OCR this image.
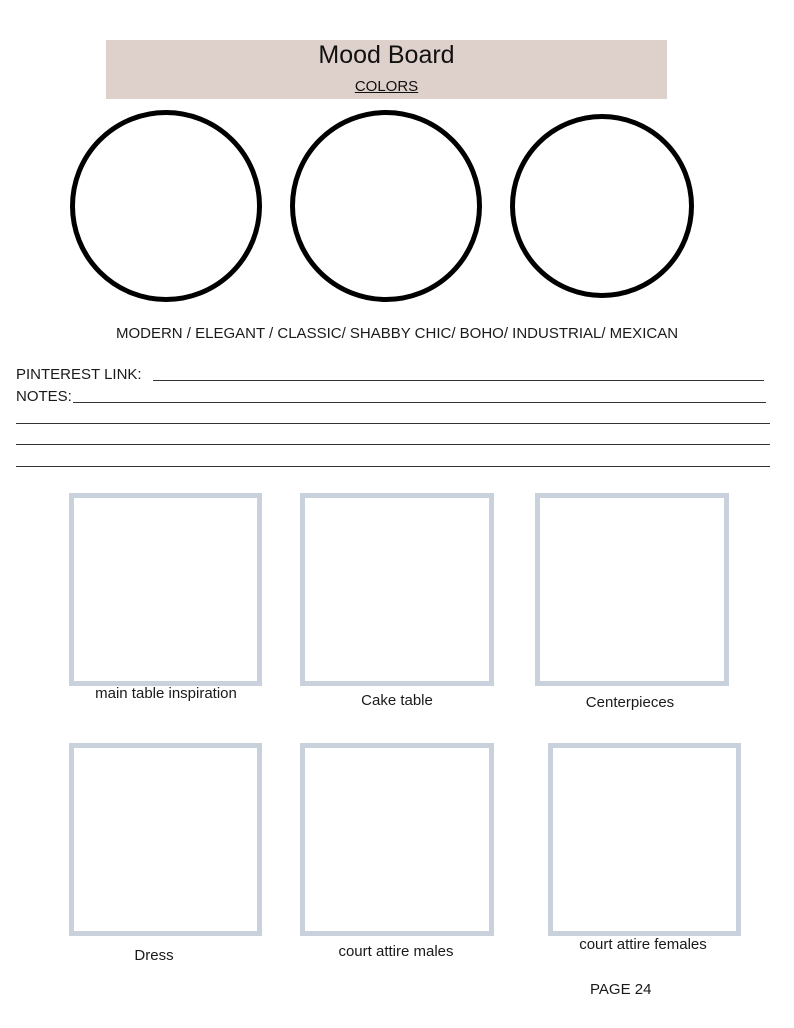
Mood Board
COLORS
MODERN / ELEGANT / CLASSIC/ SHABBY CHIC/ BOHO/ INDUSTRIAL/ MEXICAN
PINTEREST LINK:
NOTES:
main table inspiration	Cake table	Centerpieces
Dress	court attire males	court attire females
PAGE 24
